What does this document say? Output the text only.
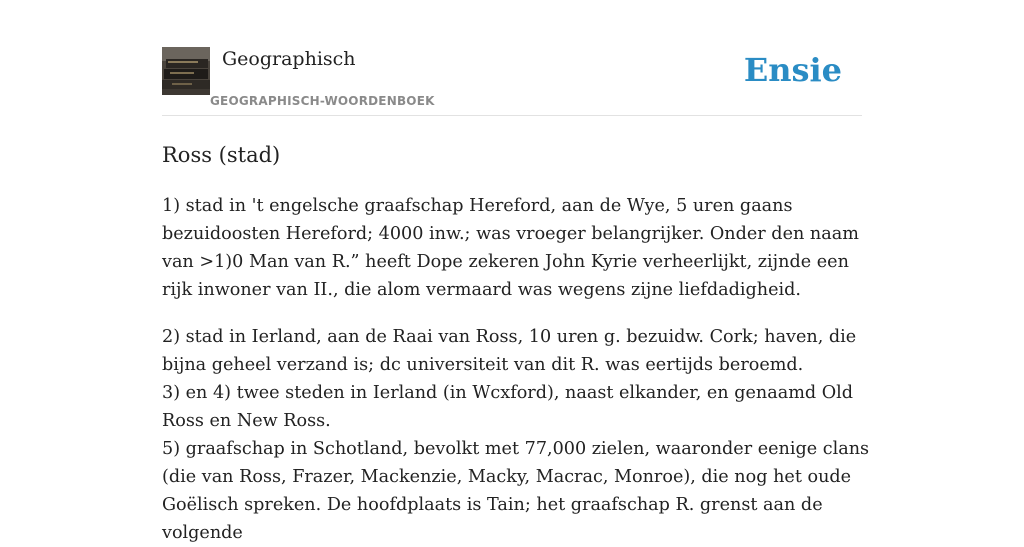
Geographisch
GEOGRAPHISCH-WOORDENBOEK
Ensie
Ross (stad)

1) stad in 't engelsche graafschap Hereford, aan de Wye, 5 uren gaans bezuidoosten Hereford; 4000 inw.; was vroeger belangrijker. Onder den naam van >1)0 Man van R.” heeft Dope zekeren John Kyrie verheerlijkt, zijnde een rijk inwoner van II., die alom vermaard was wegens zijne liefdadigheid.

2) stad in Ierland, aan de Raai van Ross, 10 uren g. bezuidw. Cork; haven, die bijna geheel verzand is; dc universiteit van dit R. was eertijds beroemd.

3) en 4) twee steden in Ierland (in Wcxford), naast elkander, en genaamd Old Ross en New Ross.

5) graafschap in Schotland, bevolkt met 77,000 zielen, waaronder eenige clans (die van Ross, Frazer, Mackenzie, Macky, Macrac, Monroe), die nog het oude Goëlisch spreken. De hoofdplaats is Tain; het graafschap R. grenst aan de volgende
